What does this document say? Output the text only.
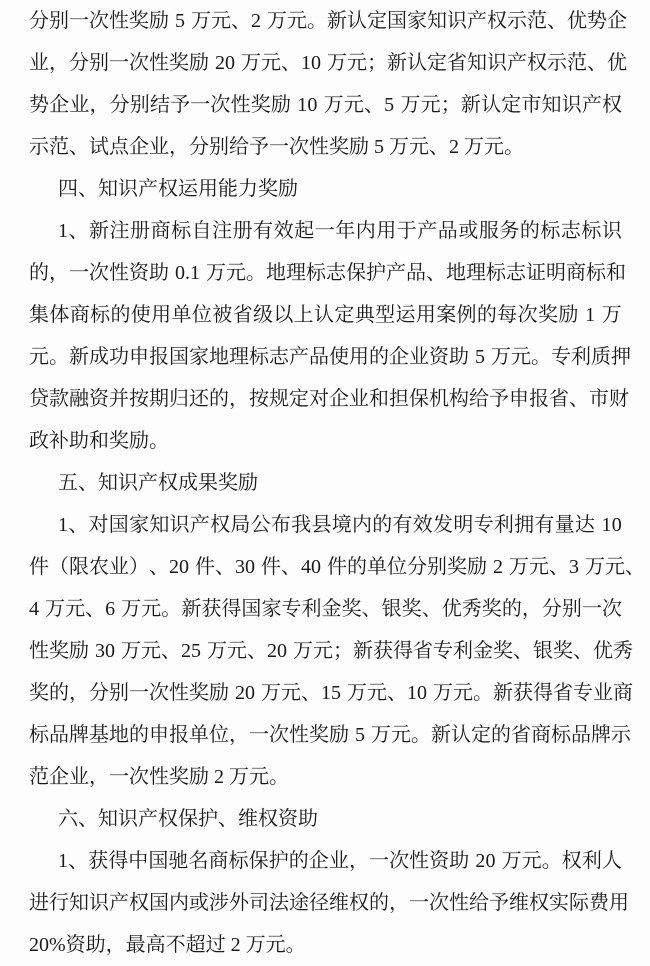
分 别 一 次 性 奖 励
5
万 元 、 2
万 元 。 新 认 定 国 家 知 识 产 权 示 范 、 优 势 企
业 ， 分 别 一 次 性 奖 励
2 0
万 元 、 1 0
万 元 ； 新 认 定 省 知 识 产 权 示 范 、 优
势 企 业 ， 分 别 结 予 一 次 性 奖 励
1 0
万 元 、 5
万 元 ； 新 认 定 市 知 识 产 权
示范、试点企业，分别给予一次性奖励 5 万元、2 万元。
四、知识产权运用能力奖励
1 、 新 注 册 商 标 自 注 册 有 效 起 一 年 内 用 于 产 品 或 服 务 的 标 志 标 识
的 ， 一 次 性 资 助
0 . 1
万 元 。 地 理 标 志 保 护 产 品 、 地 理 标 志 证 明 商 标 和
集 体 商 标 的 使 用 单 位 被 省 级 以 上 认 定 典 型 运 用 案 例 的 每 次 奖 励
1
万
元 。 新 成 功 申 报 国 家 地 理 标 志 产 品 使 用 的 企 业 资 助
5
万 元 。 专 利 质 押
贷 款 融 资 并 按 期 归 还 的 ， 按 规 定 对 企 业 和 担 保 机 构 给 予 申 报 省 、 市 财
政补助和奖励。
五、知识产权成果奖励
1 、 对 国 家 知 识 产 权 局 公 布 我 县 境 内 的 有 效 发 明 专 利 拥 有 量 达
1 0
件 （ 限 农 业 ） 、 2 0
件 、 3 0
件 、 4 0
件 的 单 位 分 别 奖 励
2
万 元 、 3
万 元 、
4
万 元 、 6
万 元 。 新 获 得 国 家 专 利 金 奖 、 银 奖 、 优 秀 奖 的 ， 分 别 一 次
性 奖 励
3 0
万 元 、 2 5
万 元 、 2 0
万 元 ； 新 获 得 省 专 利 金 奖 、 银 奖 、 优 秀
奖 的 ， 分 别 一 次 性 奖 励
2 0
万 元 、 1 5
万 元 、 1 0
万 元 。 新 获 得 省 专 业 商
标 品 牌 基 地 的 申 报 单 位 ， 一 次 性 奖 励
5
万 元 。 新 认 定 的 省 商 标 品 牌 示
范企业，一次性奖励 2 万元。
六、知识产权保护、维权资助
1 、 获 得 中 国 驰 名 商 标 保 护 的 企 业 ， 一 次 性 资 助
2 0
万 元 。 权 利 人
进 行 知 识 产 权 国 内 或 涉 外 司 法 途 径 维 权 的 ， 一 次 性 给 予 维 权 实 际 费 用
20%资助，最高不超过 2 万元。
